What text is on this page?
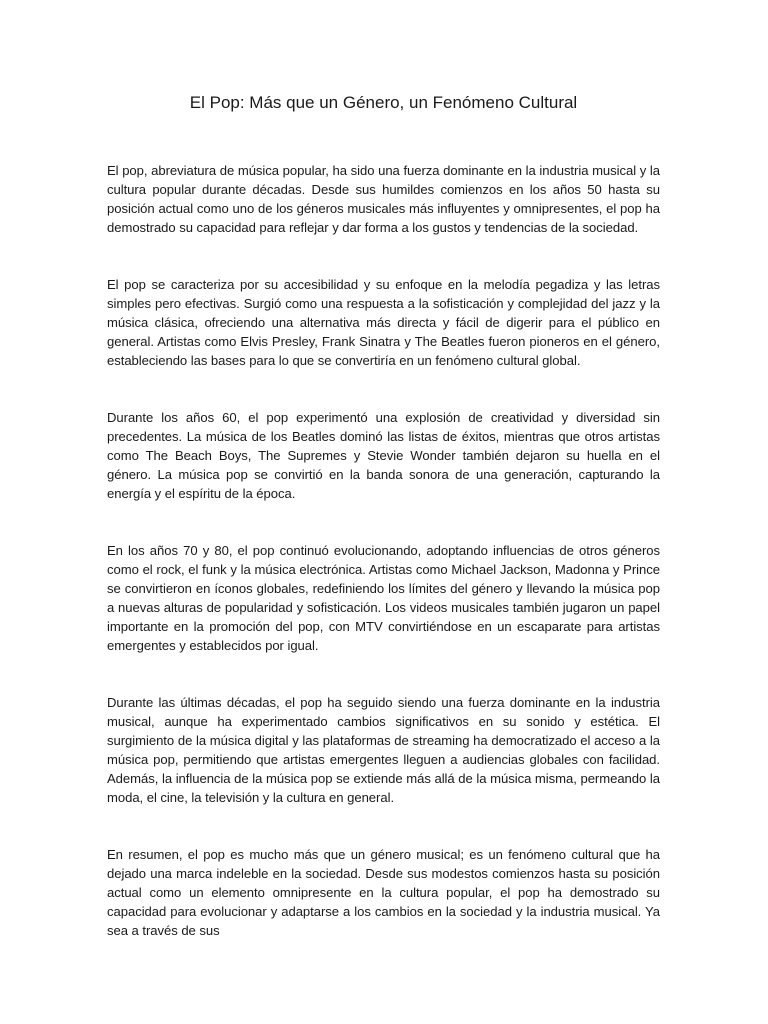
El Pop: Más que un Género, un Fenómeno Cultural

El pop, abreviatura de música popular, ha sido una fuerza dominante en la industria musical y la cultura popular durante décadas. Desde sus humildes comienzos en los años 50 hasta su posición actual como uno de los géneros musicales más influyentes y omnipresentes, el pop ha demostrado su capacidad para reflejar y dar forma a los gustos y tendencias de la sociedad.

El pop se caracteriza por su accesibilidad y su enfoque en la melodía pegadiza y las letras simples pero efectivas. Surgió como una respuesta a la sofisticación y complejidad del jazz y la música clásica, ofreciendo una alternativa más directa y fácil de digerir para el público en general. Artistas como Elvis Presley, Frank Sinatra y The Beatles fueron pioneros en el género, estableciendo las bases para lo que se convertiría en un fenómeno cultural global.

Durante los años 60, el pop experimentó una explosión de creatividad y diversidad sin precedentes. La música de los Beatles dominó las listas de éxitos, mientras que otros artistas como The Beach Boys, The Supremes y Stevie Wonder también dejaron su huella en el género. La música pop se convirtió en la banda sonora de una generación, capturando la energía y el espíritu de la época.

En los años 70 y 80, el pop continuó evolucionando, adoptando influencias de otros géneros como el rock, el funk y la música electrónica. Artistas como Michael Jackson, Madonna y Prince se convirtieron en íconos globales, redefiniendo los límites del género y llevando la música pop a nuevas alturas de popularidad y sofisticación. Los videos musicales también jugaron un papel importante en la promoción del pop, con MTV convirtiéndose en un escaparate para artistas emergentes y establecidos por igual.

Durante las últimas décadas, el pop ha seguido siendo una fuerza dominante en la industria musical, aunque ha experimentado cambios significativos en su sonido y estética. El surgimiento de la música digital y las plataformas de streaming ha democratizado el acceso a la música pop, permitiendo que artistas emergentes lleguen a audiencias globales con facilidad. Además, la influencia de la música pop se extiende más allá de la música misma, permeando la moda, el cine, la televisión y la cultura en general.

En resumen, el pop es mucho más que un género musical; es un fenómeno cultural que ha dejado una marca indeleble en la sociedad. Desde sus modestos comienzos hasta su posición actual como un elemento omnipresente en la cultura popular, el pop ha demostrado su capacidad para evolucionar y adaptarse a los cambios en la sociedad y la industria musical. Ya sea a través de sus
